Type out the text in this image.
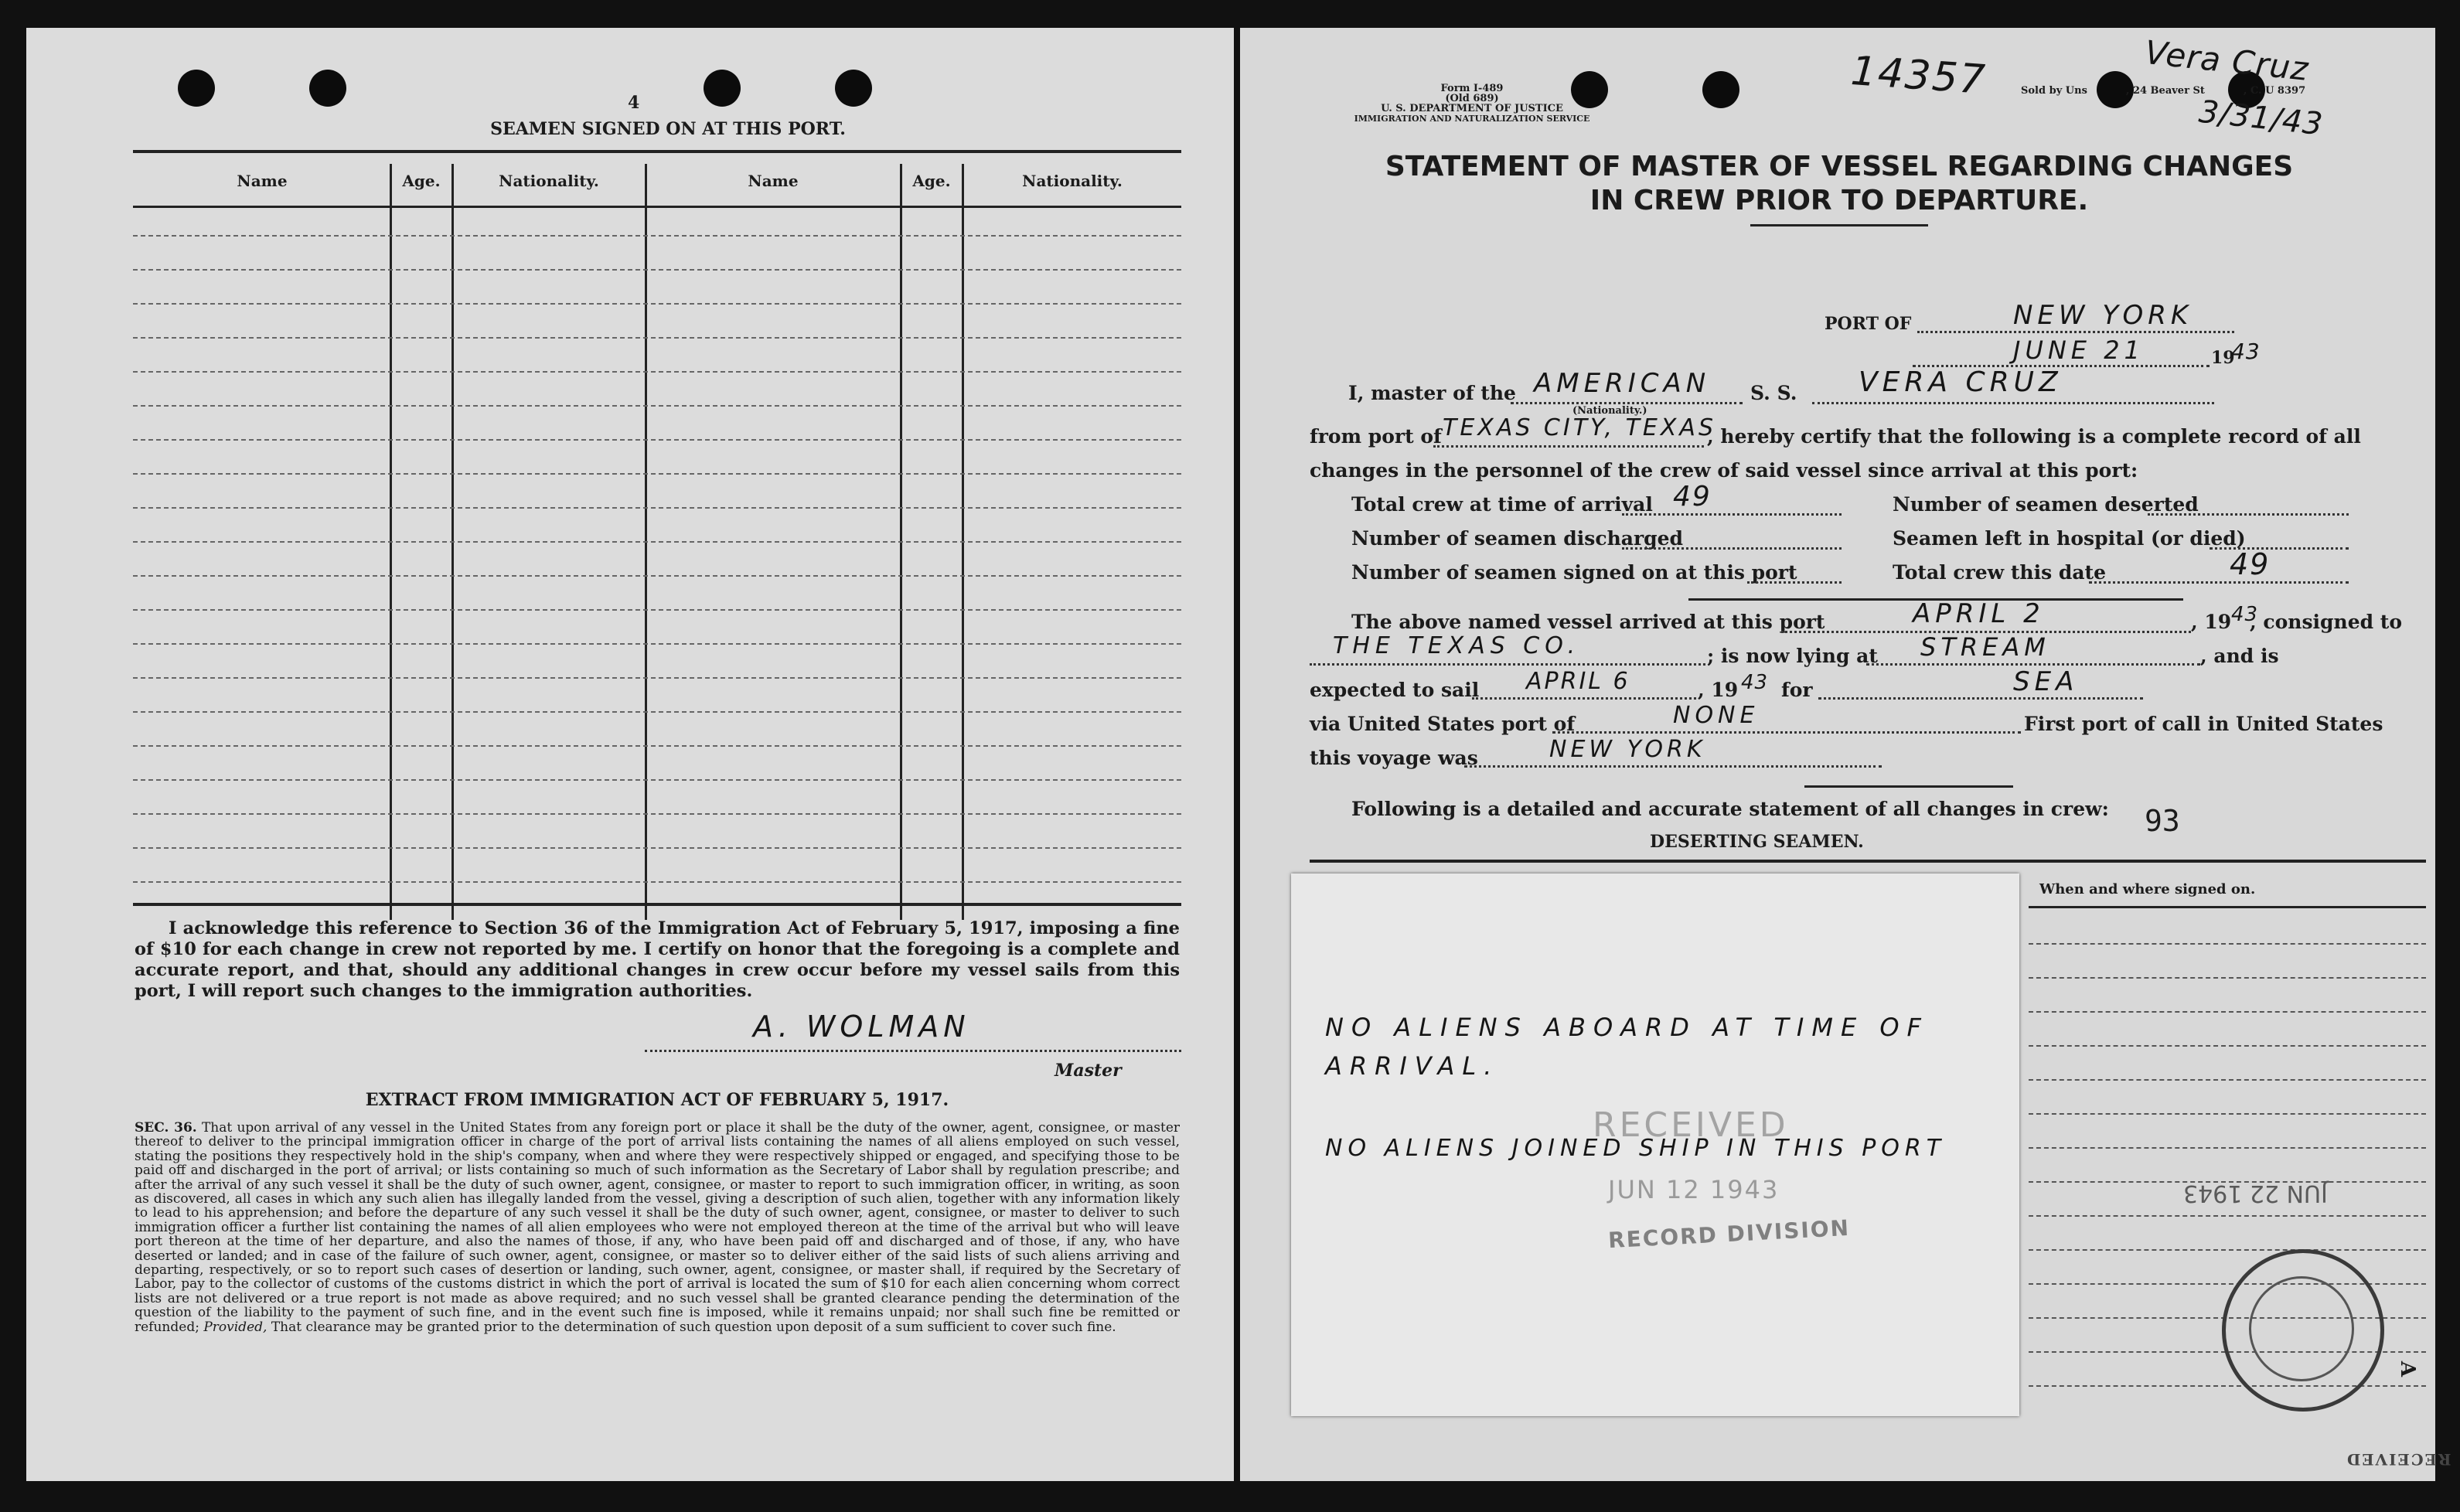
4
SEAMEN SIGNED ON AT THIS PORT.
Name	Age.	Nationality.	Name	Age.	Nationality.
I acknowledge this reference to Section 36 of the Immigration Act of February 5, 1917, imposing a fine of $10 for each change in crew not reported by me. I certify on honor that the foregoing is a complete and accurate report, and that, should any additional changes in crew occur before my vessel sails from this port, I will report such changes to the immigration authorities.
A. WOLMAN
Master
EXTRACT FROM IMMIGRATION ACT OF FEBRUARY 5, 1917.
SEC. 36. That upon arrival of any vessel in the United States from any foreign port or place it shall be the duty of the owner, agent, consignee, or master thereof to deliver to the principal immigration officer in charge of the port of arrival lists containing the names of all aliens employed on such vessel, stating the positions they respectively hold in the ship's company, when and where they were respectively shipped or engaged, and specifying those to be paid off and discharged in the port of arrival; or lists containing so much of such information as the Secretary of Labor shall by regulation prescribe; and after the arrival of any such vessel it shall be the duty of such owner, agent, consignee, or master to report to such immigration officer, in writing, as soon as discovered, all cases in which any such alien has illegally landed from the vessel, giving a description of such alien, together with any information likely to lead to his apprehension; and before the departure of any such vessel it shall be the duty of such owner, agent, consignee, or master to deliver to such immigration officer a further list containing the names of all alien employees who were not employed thereon at the time of the arrival but who will leave port thereon at the time of her departure, and also the names of those, if any, who have been paid off and discharged and of those, if any, who have deserted or landed; and in case of the failure of such owner, agent, consignee, or master so to deliver either of the said lists of such aliens arriving and departing, respectively, or so to report such cases of desertion or landing, such owner, agent, consignee, or master shall, if required by the Secretary of Labor, pay to the collector of customs of the customs district in which the port of arrival is located the sum of $10 for each alien concerning whom correct lists are not delivered or a true report is not made as above required; and no such vessel shall be granted clearance pending the determination of the question of the liability to the payment of such fine, and in the event such fine is imposed, while it remains unpaid; nor shall such fine be remitted or refunded; Provided, That clearance may be granted prior to the determination of such question upon deposit of a sum sufficient to cover such fine.
Form I-489
(Old 689)
U. S. DEPARTMENT OF JUSTICE
IMMIGRATION AND NATURALIZATION SERVICE
Sold by Uns	, 24 Beaver St	, C. U 8397
14357	Vera Cruz
3/31/43
STATEMENT OF MASTER OF VESSEL REGARDING CHANGES
IN CREW PRIOR TO DEPARTURE.
PORT OF	NEW YORK
JUNE 21	19
43
I, master of the AMERICAN
(Nationality.)
S. S. VERA CRUZ
from port of TEXAS CITY, TEXAS
, hereby certify that the following is a complete record of all
changes in the personnel of the crew of said vessel since arrival at this port:
Total crew at time of arrival 49	Number of seamen deserted
Number of seamen discharged	Seamen left in hospital (or died)
Number of seamen signed on at this port	Total crew this date	49
The above named vessel arrived at this port	APRIL 2	, 19 43
, consigned to
THE TEXAS CO.	; is now lying at STREAM	, and is
expected to sail APRIL 6	, 19 43 for	SEA
via United States port of	NONE	First port of call in United States
this voyage was	NEW YORK
Following is a detailed and accurate statement of all changes in crew: 93
DESERTING SEAMEN.
When and where signed on.
JUN 22 1943
A
RECEIVED
NO ALIENS ABOARD AT TIME OF
ARRIVAL.
NO ALIENS JOINED SHIP IN THIS PORT
RECEIVED
JUN 12 1943
RECORD DIVISION
